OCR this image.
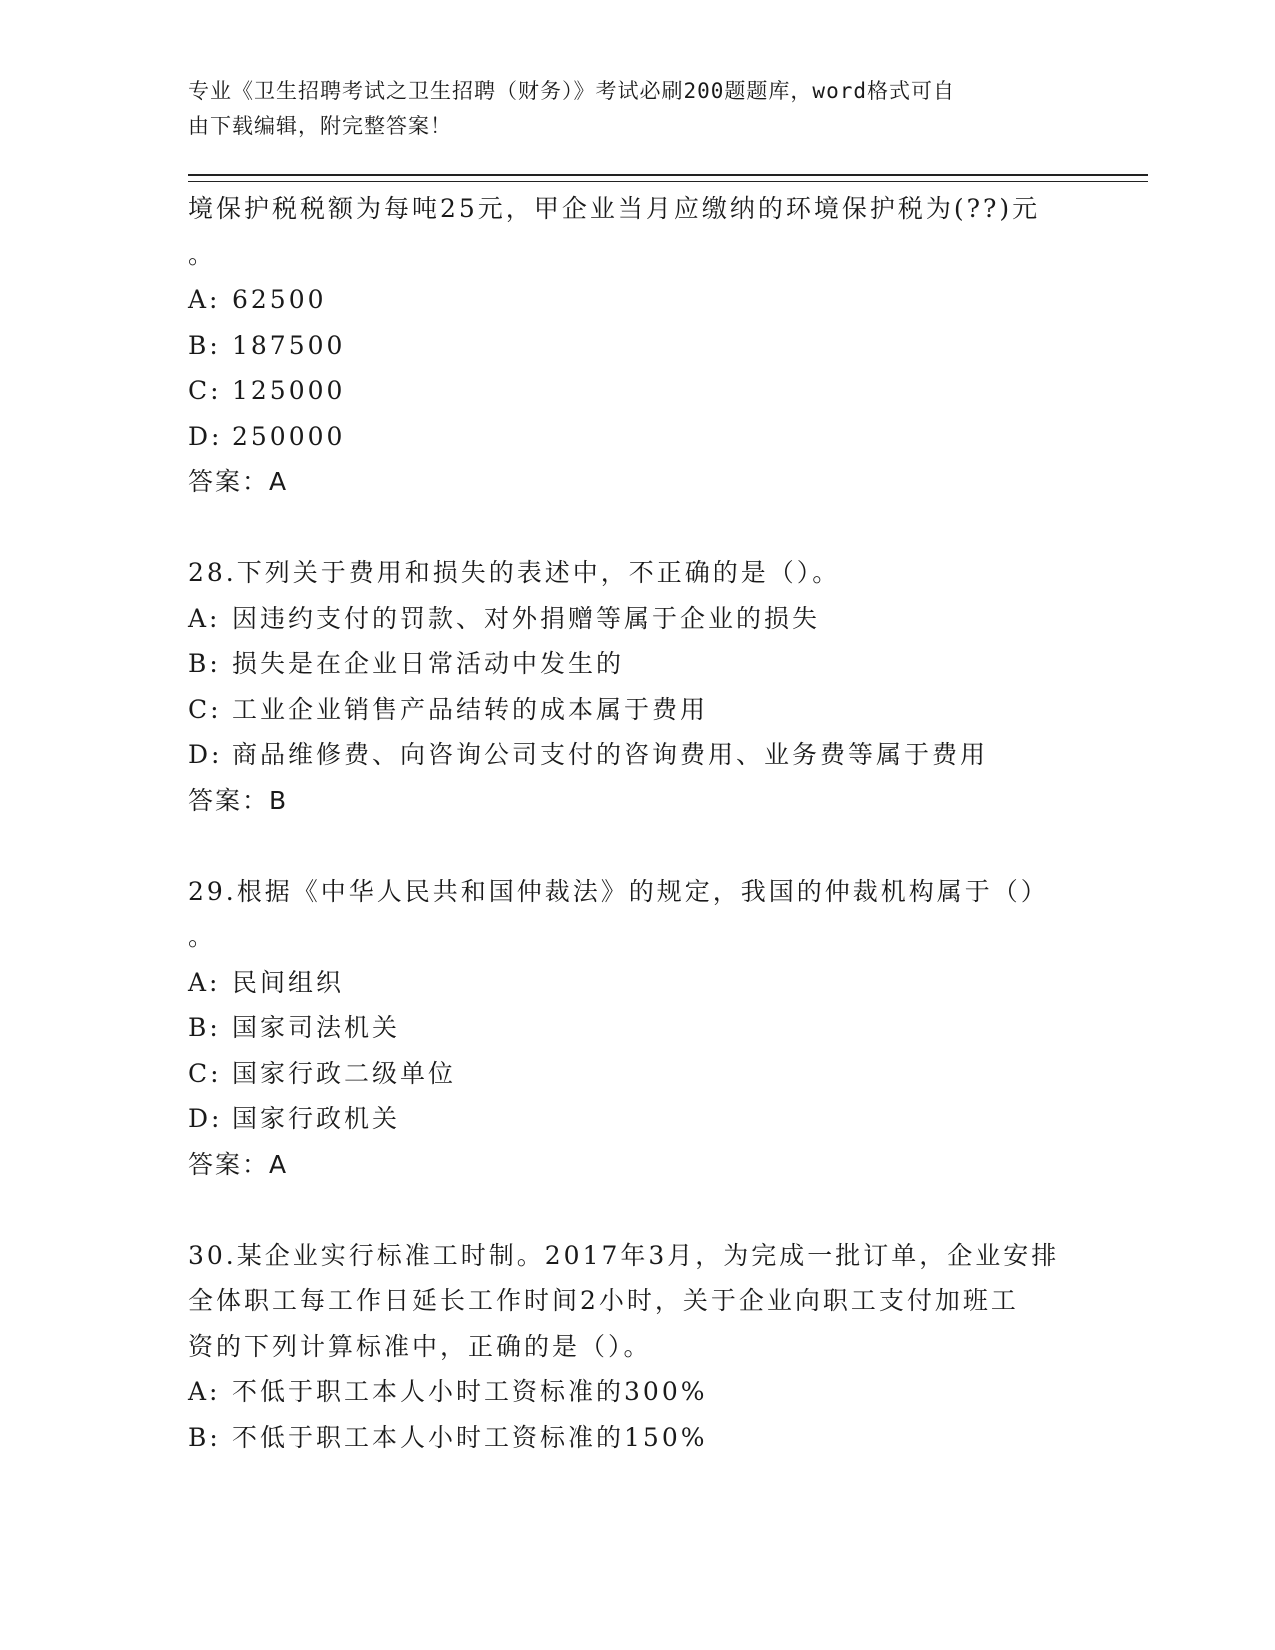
专业《卫生招聘考试之卫生招聘（财务）》考试必刷200题题库，word格式可自
由下载编辑，附完整答案！
境保护税税额为每吨25元，甲企业当月应缴纳的环境保护税为(??)元
。
A: 62500
B: 187500
C: 125000
D: 250000
答案：A
28.下列关于费用和损失的表述中，不正确的是（）。
A: 因违约支付的罚款、对外捐赠等属于企业的损失
B: 损失是在企业日常活动中发生的
C: 工业企业销售产品结转的成本属于费用
D: 商品维修费、向咨询公司支付的咨询费用、业务费等属于费用
答案：B
29.根据《中华人民共和国仲裁法》的规定，我国的仲裁机构属于（）
。
A: 民间组织
B: 国家司法机关
C: 国家行政二级单位
D: 国家行政机关
答案：A
30.某企业实行标准工时制。2017年3月，为完成一批订单，企业安排
全体职工每工作日延长工作时间2小时，关于企业向职工支付加班工
资的下列计算标准中，正确的是（）。
A: 不低于职工本人小时工资标准的300%
B: 不低于职工本人小时工资标准的150%
